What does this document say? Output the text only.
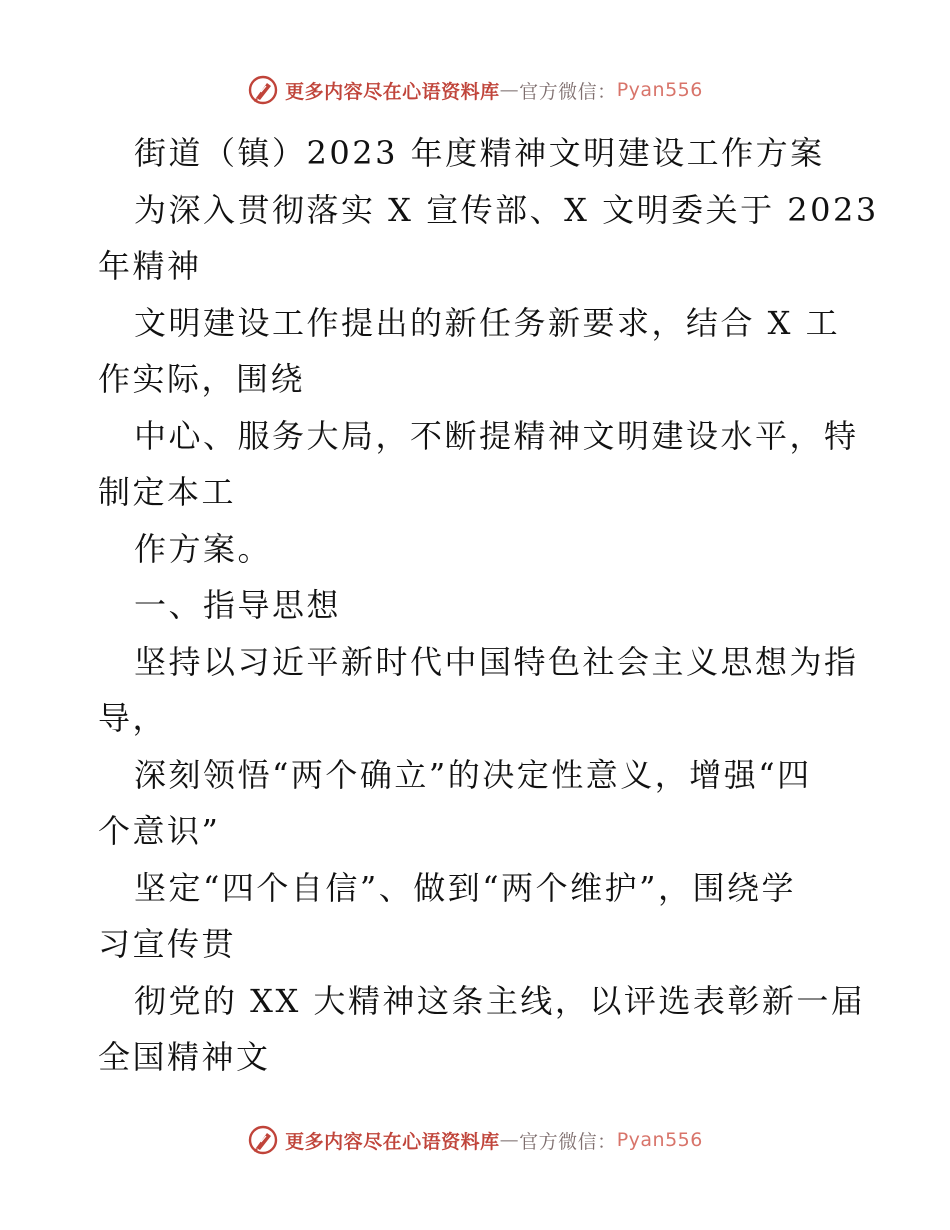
更多内容尽在心语资料库 — 官方微信： Pyan556
街道（镇）2023 年度精神文明建设工作方案
为深入贯彻落实 X 宣传部、X 文明委关于 2023
年精神
文明建设工作提出的新任务新要求，结合 X 工
作实际，围绕
中心、服务大局，不断提精神文明建设水平，特
制定本工
作方案。
一、指导思想
坚持以习近平新时代中国特色社会主义思想为指
导，
深刻领悟“两个确立”的决定性意义，增强“四
个意识”
坚定“四个自信”、做到“两个维护”，围绕学
习宣传贯
彻党的 XX 大精神这条主线，以评选表彰新一届
全国精神文
更多内容尽在心语资料库 — 官方微信： Pyan556
